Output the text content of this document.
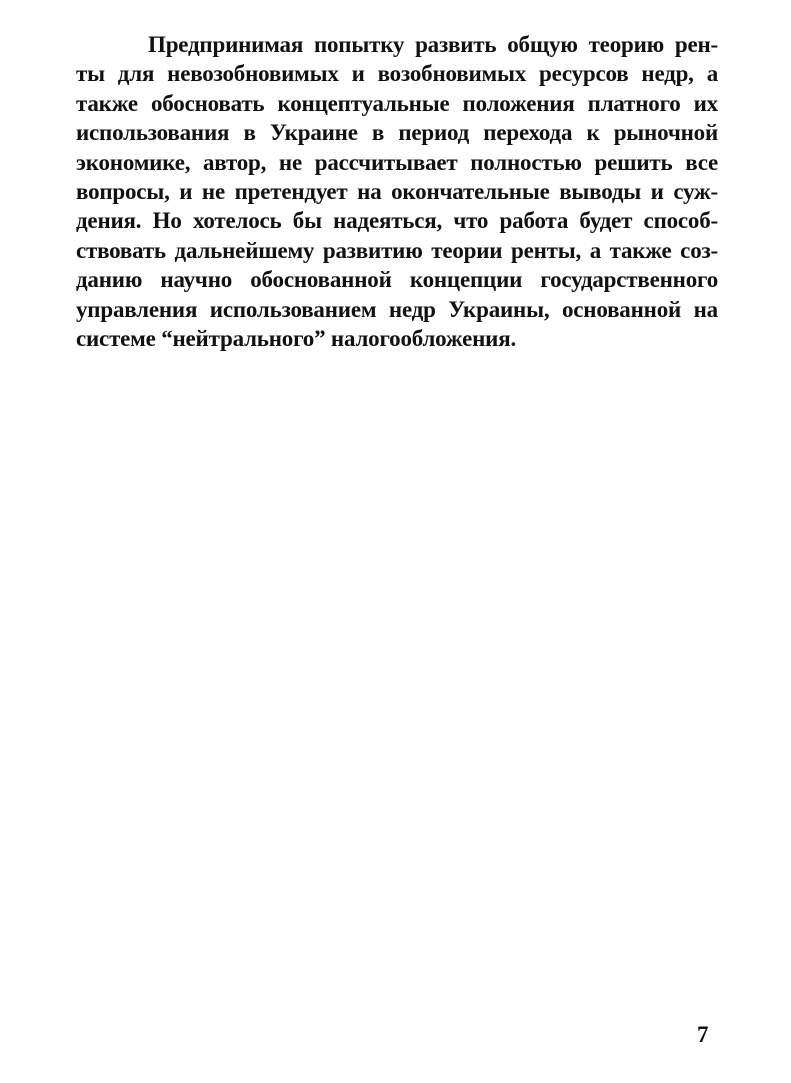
Предпринимая попытку развить общую теорию рен-
ты для невозобновимых и возобновимых ресурсов недр, а
также обосновать концептуальные положения платного их
использования в Украине в период перехода к рыночной
экономике, автор, не рассчитывает полностью решить все
вопросы, и не претендует на окончательные выводы и суж-
дения. Но хотелось бы надеяться, что работа будет способ-
ствовать дальнейшему развитию теории ренты, а также соз-
данию научно обоснованной концепции государственного
управления использованием недр Украины, основанной на
системе “нейтрального” налогообложения.
7
